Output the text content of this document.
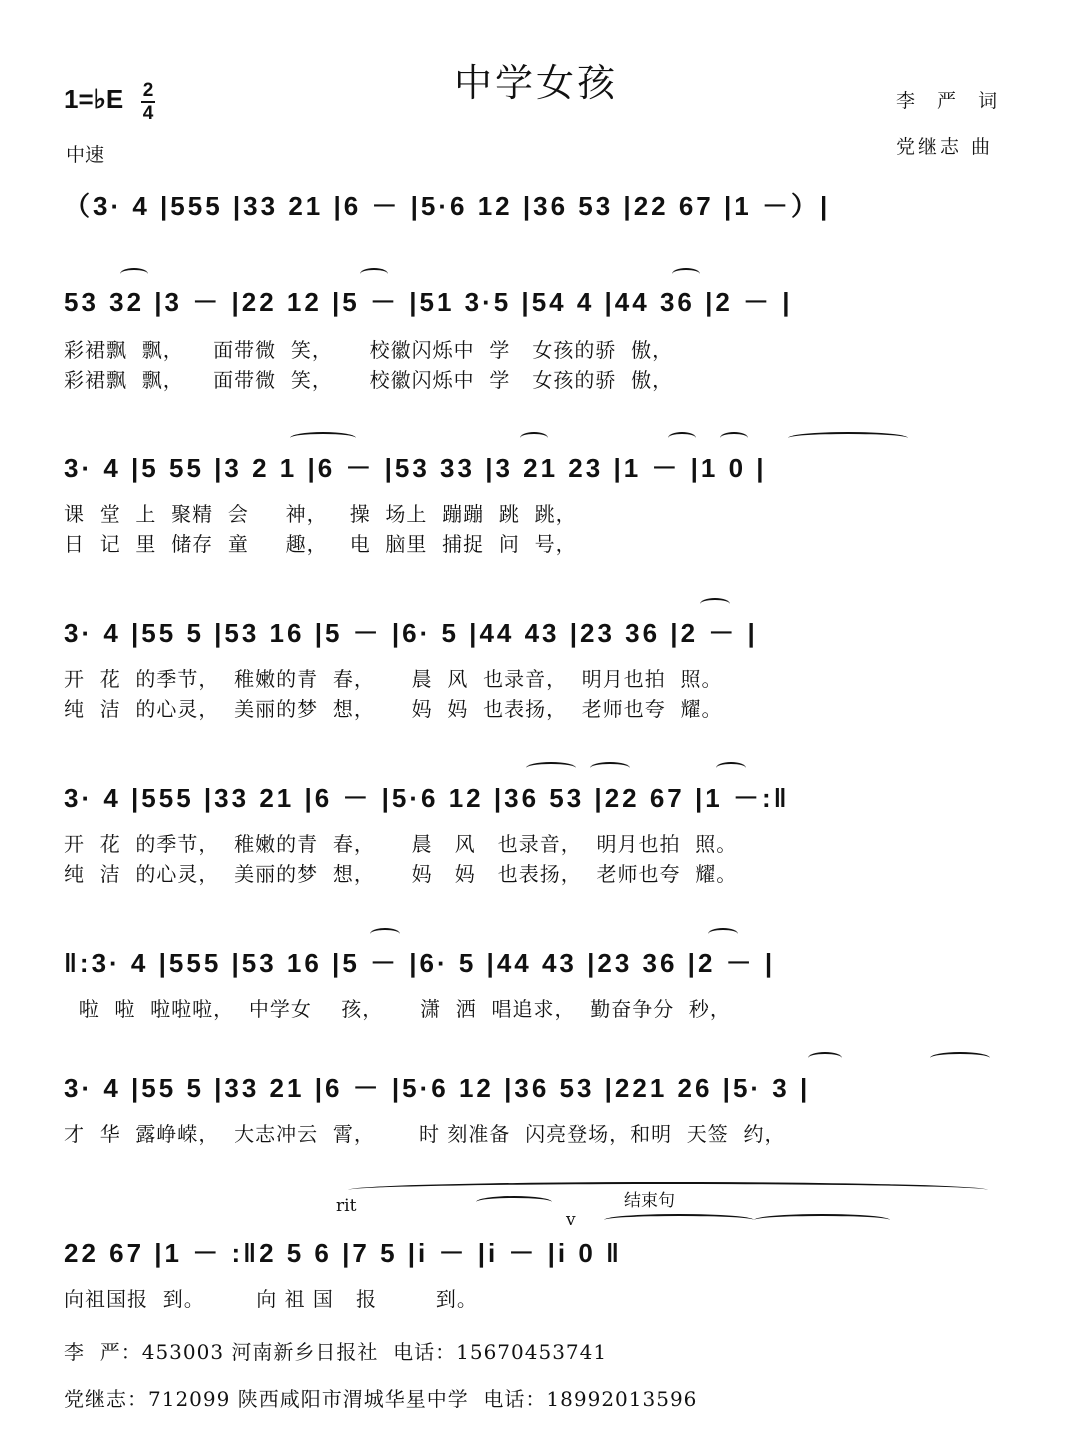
中学女孩
1=♭E 2
4
中速
李 严 词
党继志 曲
（3· 4 |555 |33 21 |6 － |5·6 12 |36 53 |22 67 |1 －）|
53 32 |3 － |22 12 |5 － |51 3·5 |54 4 |44 36 |2 － |
彩裙飘  飘，    面带微  笑，     校徽闪烁中  学   女孩的骄  傲，
彩裙飘  飘，    面带微  笑，     校徽闪烁中  学   女孩的骄  傲，
3· 4 |5 55 |3 2 1 |6 － |53 33 |3 21 23 |1 － |1 0 |
课  堂  上  聚精  会     神，   操  场上  蹦蹦  跳  跳，
日  记  里  储存  童     趣，   电  脑里  捕捉  问  号，
3· 4 |55 5 |53 16 |5 － |6· 5 |44 43 |23 36 |2 － |
开  花  的季节，  稚嫩的青  春，     晨  风  也录音，  明月也拍  照。
纯  洁  的心灵，  美丽的梦  想，     妈  妈  也表扬，  老师也夸  耀。
3· 4 |555 |33 21 |6 － |5·6 12 |36 53 |22 67 |1 －:‖
开  花  的季节，  稚嫩的青  春，     晨   风   也录音，  明月也拍  照。
纯  洁  的心灵，  美丽的梦  想，     妈   妈   也表扬，  老师也夸  耀。
‖:3· 4 |555 |53 16 |5 － |6· 5 |44 43 |23 36 |2 － |
啦  啦  啦啦啦，  中学女    孩，     潇  洒  唱追求，  勤奋争分  秒，
3· 4 |55 5 |33 21 |6 － |5·6 12 |36 53 |221 26 |5· 3 |
才  华  露峥嵘，  大志冲云  霄，      时 刻准备  闪亮登场，和明  天签  约，
rit	结束句
v
22 67 |1 － :‖2 5 6 |7 5 |i － |i － |i 0 ‖
向祖国报  到。       向 祖 国   报        到。
李  严：453003 河南新乡日报社  电话：15670453741
党继志：712099 陕西咸阳市渭城华星中学  电话：18992013596
